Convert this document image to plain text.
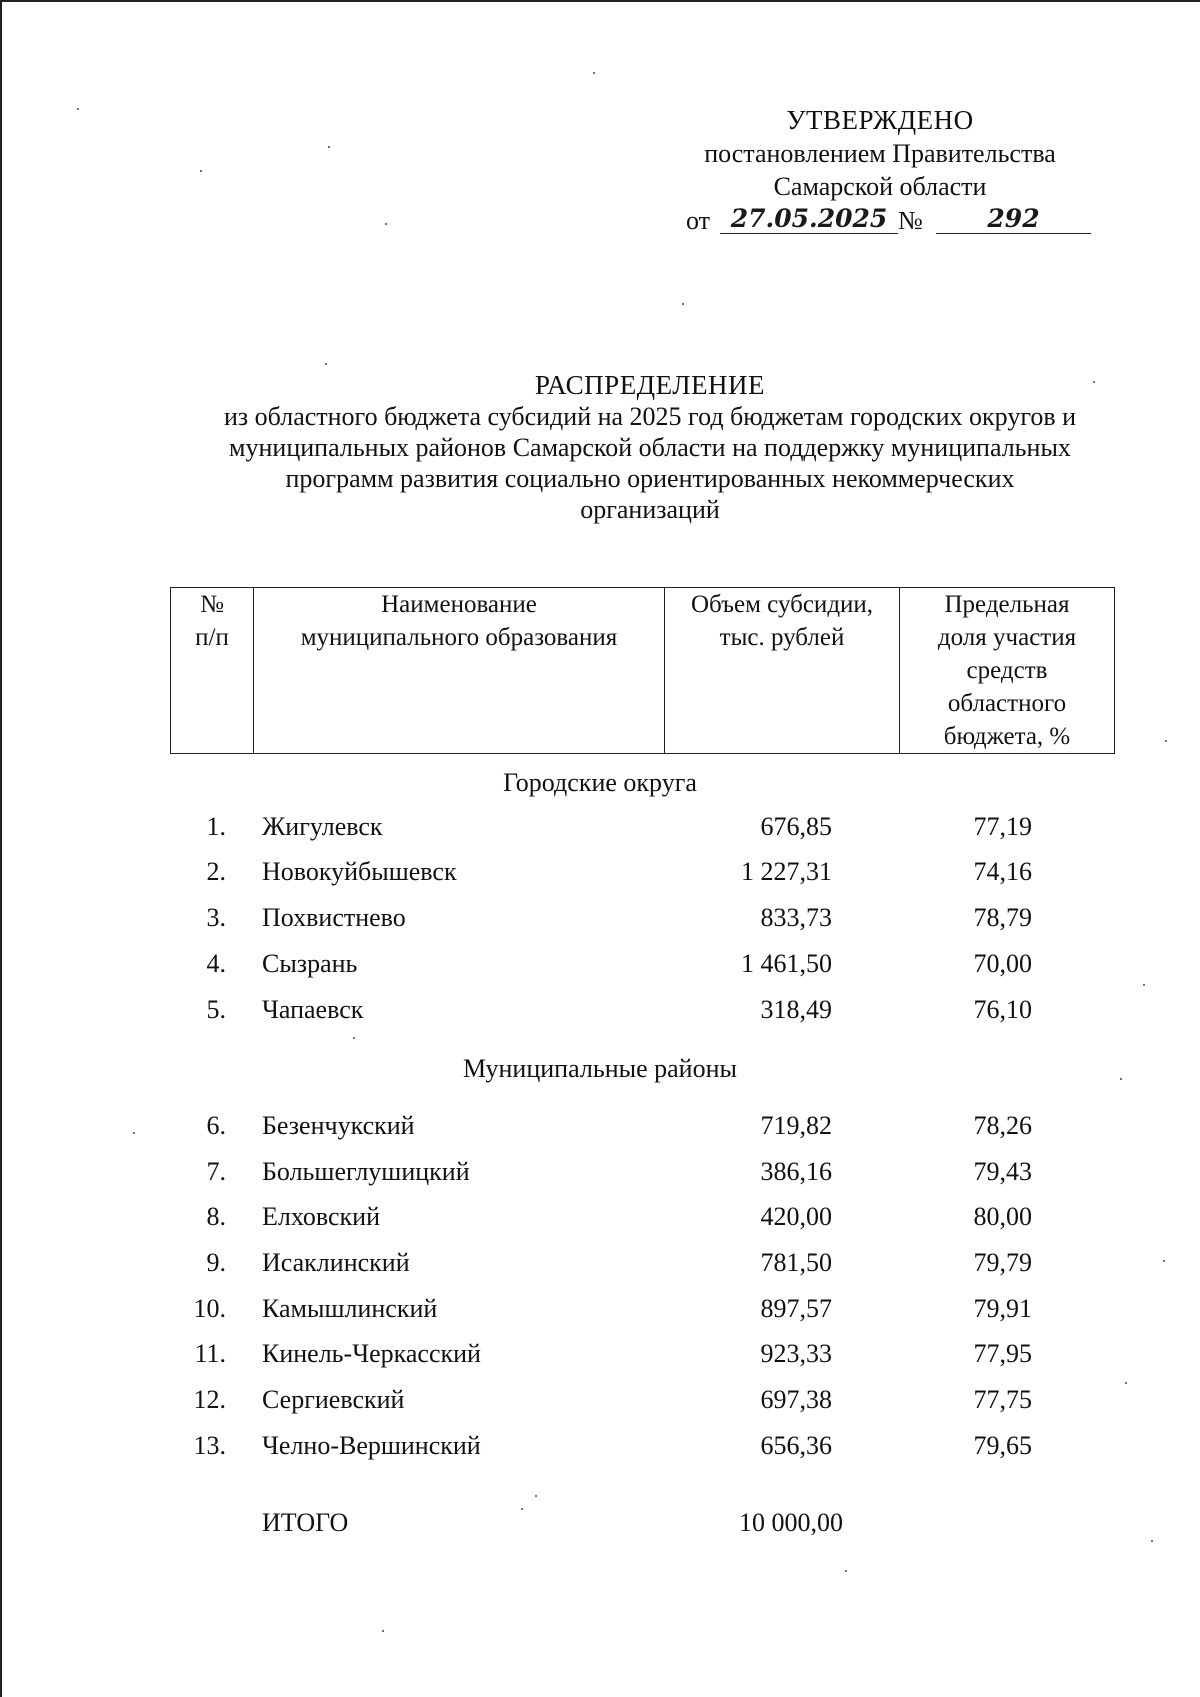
УТВЕРЖДЕНО
постановлением Правительства
Самарской области
от 27.05.2025 №	292
РАСПРЕДЕЛЕНИЕ
из областного бюджета субсидий на 2025 год бюджетам городских округов и
муниципальных районов Самарской области на поддержку муниципальных
программ развития социально ориентированных некоммерческих
организаций
№
п/п

Наименование
муниципального образования

Объем субсидии,
тыс. рублей

Предельная
доля участия
средств
областного
бюджета, %
Городские округа
1. Жигулевск	676,85	77,19
2. Новокуйбышевск	1 227,31	74,16
3. Похвистнево	833,73	78,79
4. Сызрань	1 461,50	70,00
5. Чапаевск	318,49	76,10
Муниципальные районы
6. Безенчукский	719,82	78,26
7. Большеглушицкий	386,16	79,43
8. Елховский	420,00	80,00
9. Исаклинский	781,50	79,79
10. Камышлинский	897,57	79,91
11. Кинель-Черкасский	923,33	77,95
12. Сергиевский	697,38	77,75
13. Челно-Вершинский	656,36	79,65
ИТОГО	10 000,00
